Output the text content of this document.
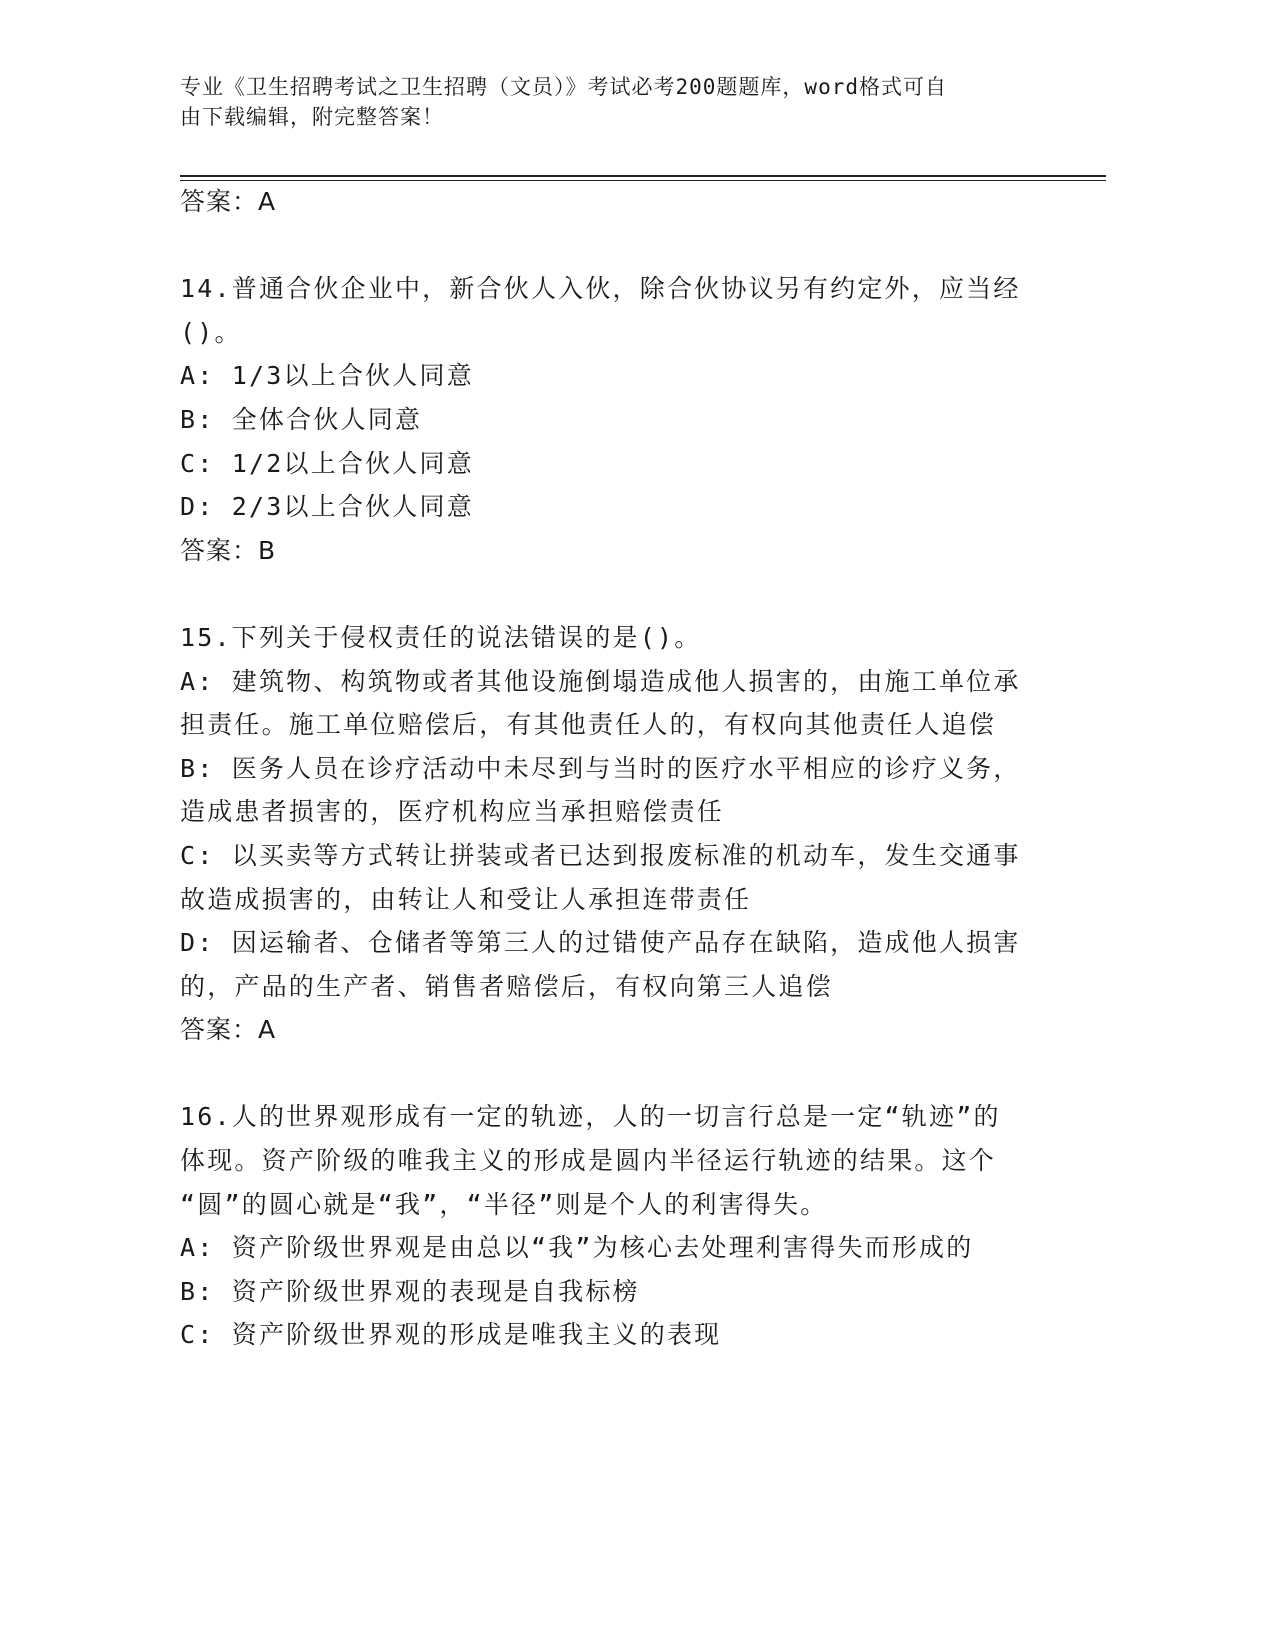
专业《卫生招聘考试之卫生招聘（文员）》考试必考200题题库，word格式可自
由下载编辑，附完整答案！
答案：A
14.普通合伙企业中，新合伙人入伙，除合伙协议另有约定外，应当经
()。
A: 1/3以上合伙人同意
B: 全体合伙人同意
C: 1/2以上合伙人同意
D: 2/3以上合伙人同意
答案：B
15.下列关于侵权责任的说法错误的是()。
A: 建筑物、构筑物或者其他设施倒塌造成他人损害的，由施工单位承
担责任。施工单位赔偿后，有其他责任人的，有权向其他责任人追偿
B: 医务人员在诊疗活动中未尽到与当时的医疗水平相应的诊疗义务，
造成患者损害的，医疗机构应当承担赔偿责任
C: 以买卖等方式转让拼装或者已达到报废标准的机动车，发生交通事
故造成损害的，由转让人和受让人承担连带责任
D: 因运输者、仓储者等第三人的过错使产品存在缺陷，造成他人损害
的，产品的生产者、销售者赔偿后，有权向第三人追偿
答案：A
16.人的世界观形成有一定的轨迹，人的一切言行总是一定“轨迹”的
体现。资产阶级的唯我主义的形成是圆内半径运行轨迹的结果。这个
“圆”的圆心就是“我”，“半径”则是个人的利害得失。
A: 资产阶级世界观是由总以“我”为核心去处理利害得失而形成的
B: 资产阶级世界观的表现是自我标榜
C: 资产阶级世界观的形成是唯我主义的表现
